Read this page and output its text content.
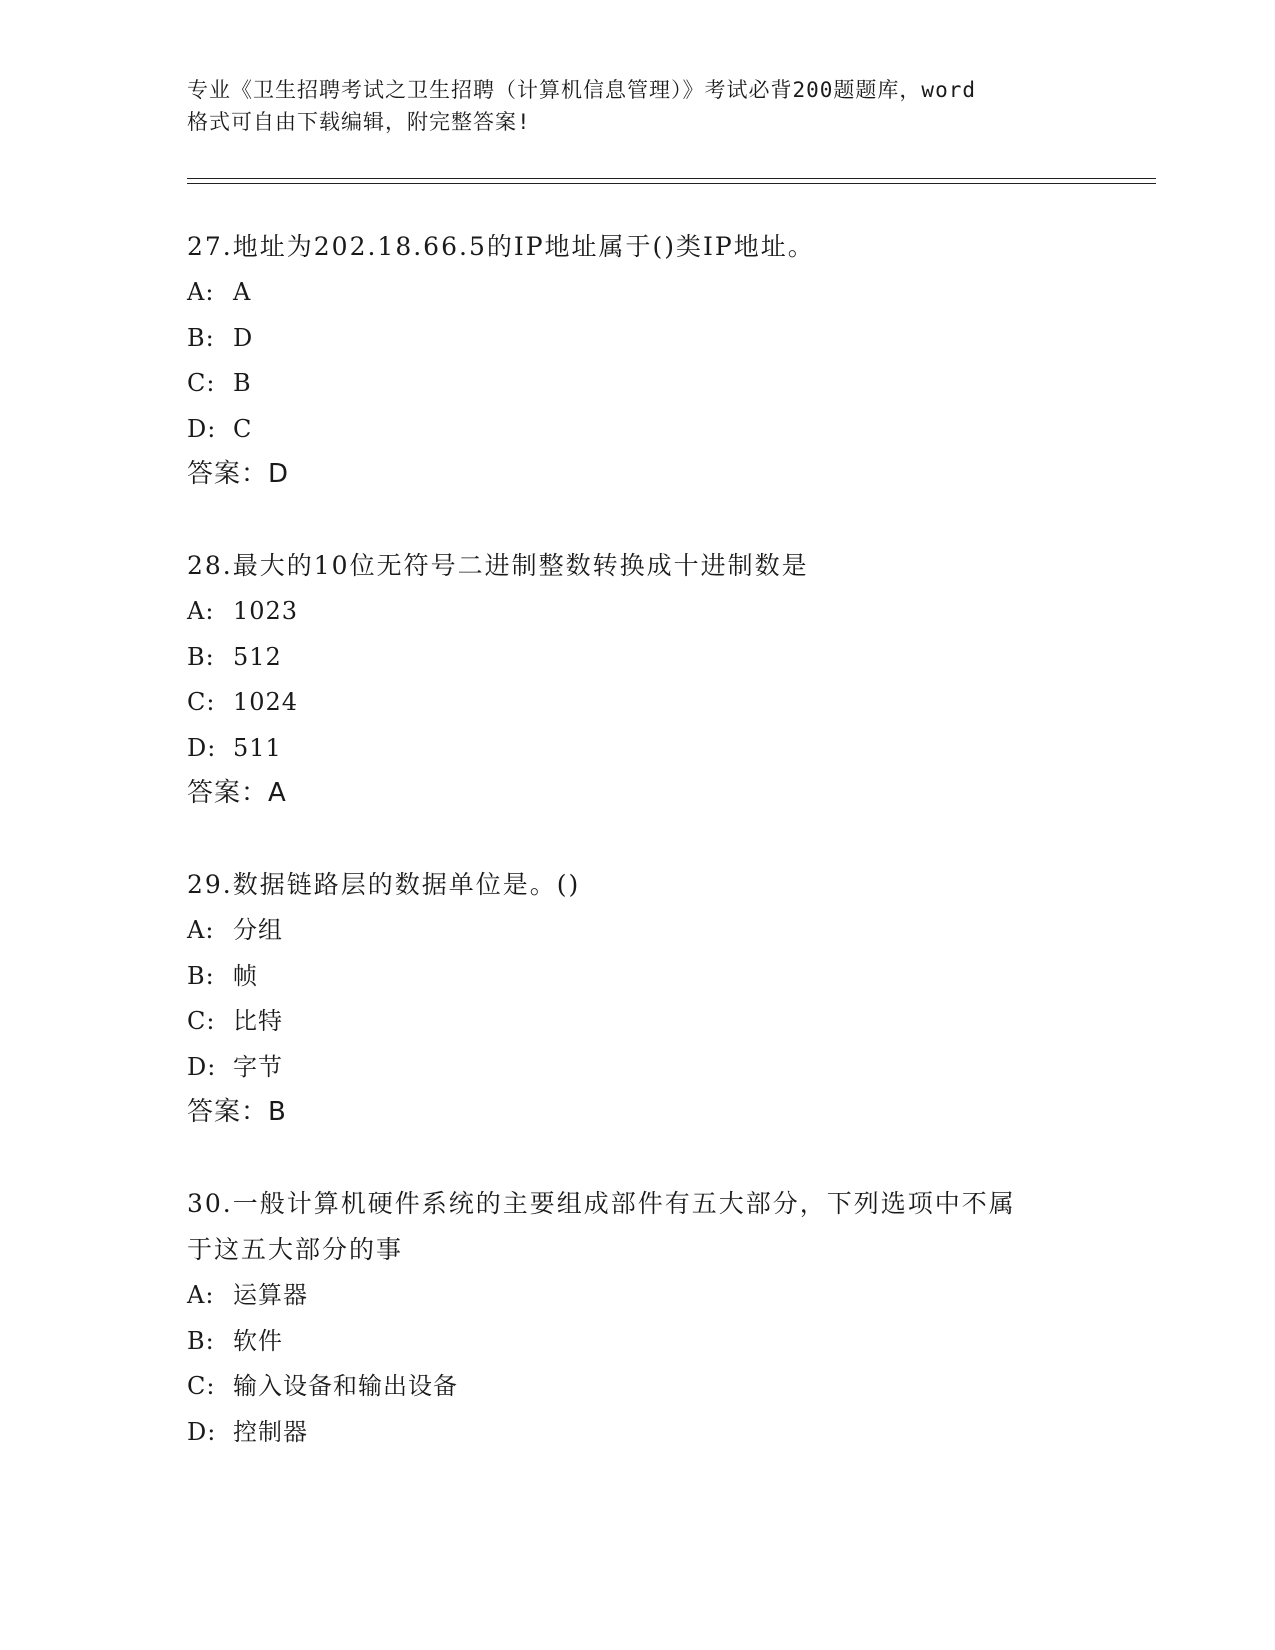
专业《卫生招聘考试之卫生招聘（计算机信息管理）》考试必背200题题库，word
格式可自由下载编辑，附完整答案!
27.地址为202.18.66.5的IP地址属于()类IP地址。
A: A
B: D
C: B
D: C
答案：D
28.最大的10位无符号二进制整数转换成十进制数是
A: 1023
B: 512
C: 1024
D: 511
答案：A
29.数据链路层的数据单位是。()
A: 分组
B: 帧
C: 比特
D: 字节
答案：B
30.一般计算机硬件系统的主要组成部件有五大部分，下列选项中不属
于这五大部分的事
A: 运算器
B: 软件
C: 输入设备和输出设备
D: 控制器
